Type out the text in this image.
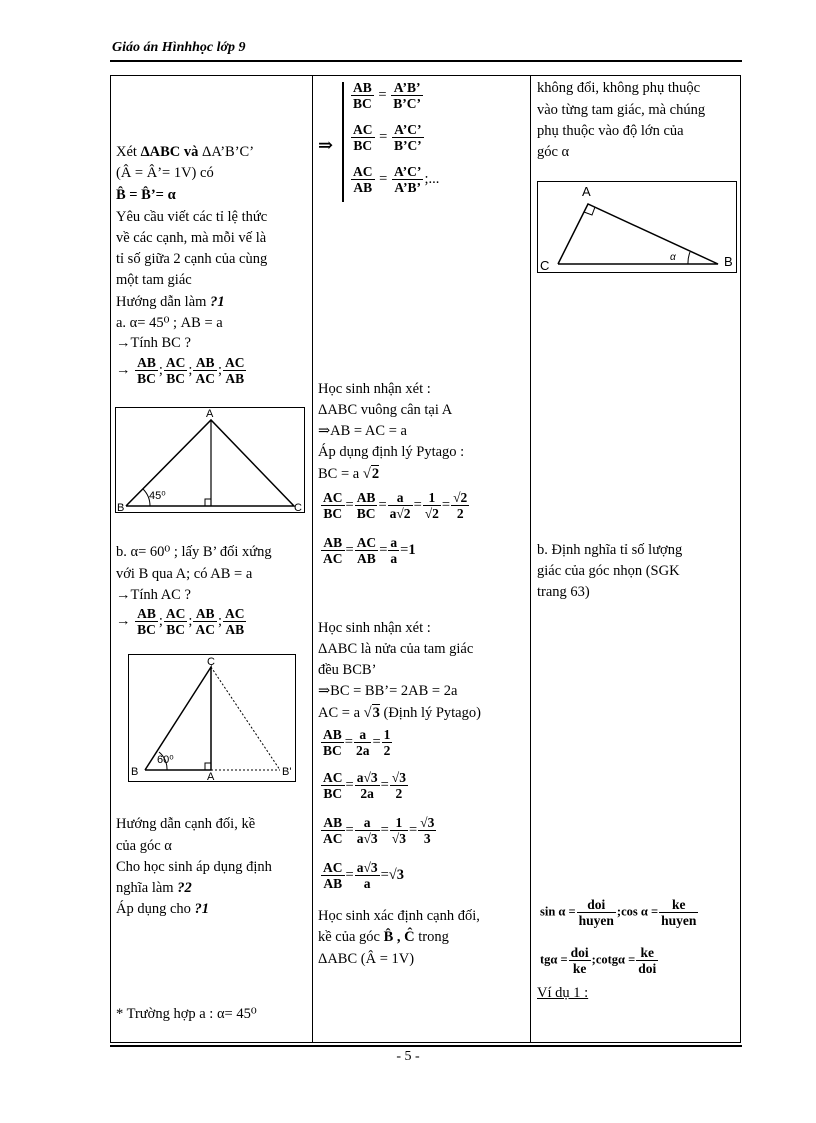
Giáo án Hìnhhọc lớp 9
Xét ΔABC và ΔA’B’C’
(Â = Â’= 1V) có
B̂ = B̂’= α
Yêu cầu viết các tỉ lệ thức
về các cạnh, mà mỗi vế là
tỉ số giữa 2 cạnh của cùng
một tam giác
Hướng dẫn làm ?1
a. α= 45⁰ ; AB = a
→Tính BC ?
→ $\frac{AB}{BC}$ ; $\frac{AC}{BC}$ ; $\frac{AB}{AC}$ ; $\frac{AC}{AB}$
A
B	C
45⁰
b. α= 60⁰ ; lấy B’ đối xứng
với B qua A; có AB = a
→Tính AC ?
→ $\frac{AB}{BC}$ ; $\frac{AC}{BC}$ ; $\frac{AB}{AC}$ ; $\frac{AC}{AB}$
C
B	A	B'
60⁰
Hướng dẫn cạnh đối, kề
của góc α
Cho học sinh áp dụng định
nghĩa làm ?2
Áp dụng cho ?1
* Trường hợp a : α= 45⁰
⇒
$\frac{AB}{BC} = \frac{A’B’}{B’C’}$
$\frac{AC}{BC} = \frac{A’C’}{B’C’}$
$\frac{AC}{AB} = \frac{A’C’}{A’B’}$ ;...
Học sinh nhận xét :
ΔABC vuông cân tại A
⇒AB = AC = a
Áp dụng định lý Pytago :
BC = a √2
$\frac{AC}{BC} = \frac{AB}{BC} = \frac{a}{a√2} = \frac{1}{√2} = \frac{√2}{2}$
$\frac{AB}{AC} = \frac{AC}{AB} = \frac{a}{a} =1$
Học sinh nhận xét :
ΔABC là nửa của tam giác
đều BCB’
⇒BC = BB’= 2AB = 2a
AC = a √3 (Định lý Pytago)
$\frac{AB}{BC} = \frac{a}{2a} = \frac{1}{2}$
$\frac{AC}{BC} = \frac{a√3}{2a} = \frac{√3}{2}$
$\frac{AB}{AC} = \frac{a}{a√3} = \frac{1}{√3} = \frac{√3}{3}$
$\frac{AC}{AB} = \frac{a√3}{a} =√3$
Học sinh xác định cạnh đối,
kề của góc B̂ , Ĉ trong
ΔABC (Â = 1V)
không đổi, không phụ thuộc
vào từng tam giác, mà chúng
phụ thuộc vào độ lớn của
góc α
A
B
C
α
b. Định nghĩa tỉ số lượng
giác của góc nhọn (SGK
trang 63)
$\sin \alpha = \frac{\text{doi}}{\text{huyen}}$ ;cos $\alpha = \frac{ke}{\text{huyen}}$
$tg\alpha = \frac{\text{doi}}{ke}$ ;cotgα = $\frac{ke}{\text{doi}}$
Ví dụ 1 :
- 5 -
